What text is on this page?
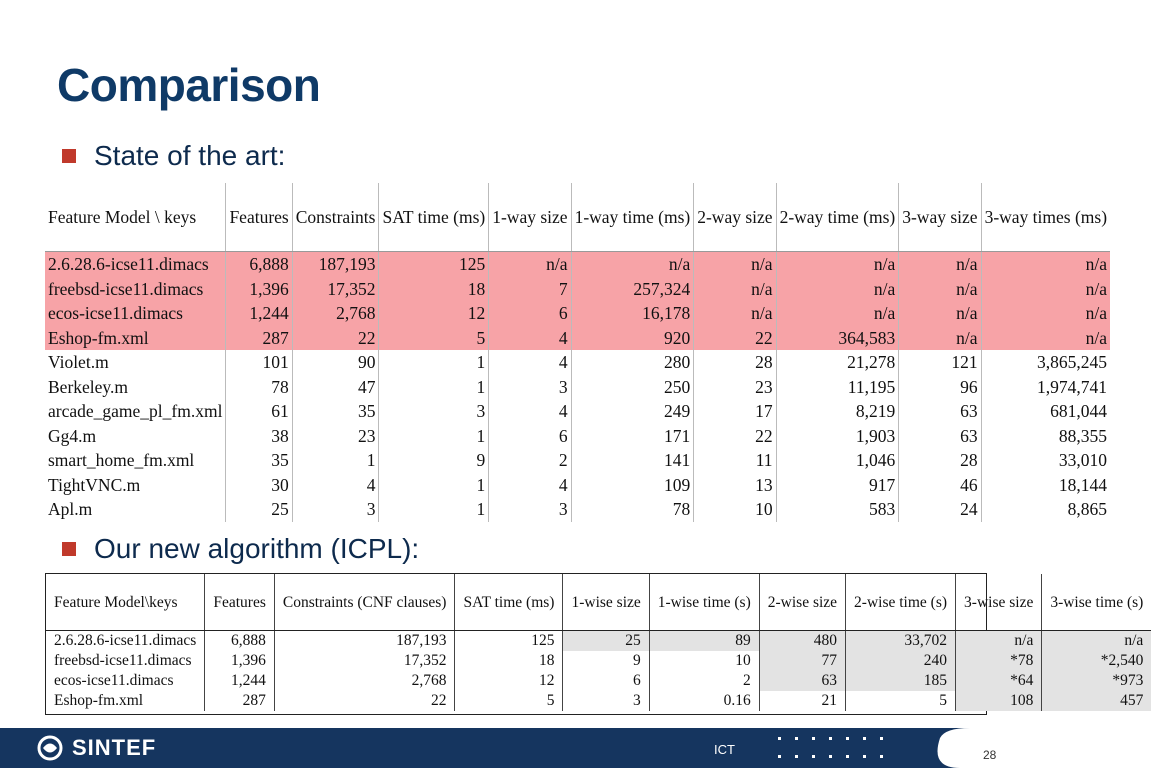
Comparison
State of the art:
Feature Model \ keys	Features	Constraints	SAT time (ms)	1-way size	1-way time (ms)	2-way size	2-way time (ms)	3-way size	3-way times (ms)
2.6.28.6-icse11.dimacs	6,888	187,193	125	n/a	n/a	n/a	n/a	n/a	n/a
freebsd-icse11.dimacs	1,396	17,352	18	7	257,324	n/a	n/a	n/a	n/a
ecos-icse11.dimacs	1,244	2,768	12	6	16,178	n/a	n/a	n/a	n/a
Eshop-fm.xml	287	22	5	4	920	22	364,583	n/a	n/a
Violet.m	101	90	1	4	280	28	21,278	121	3,865,245
Berkeley.m	78	47	1	3	250	23	11,195	96	1,974,741
arcade_game_pl_fm.xml	61	35	3	4	249	17	8,219	63	681,044
Gg4.m	38	23	1	6	171	22	1,903	63	88,355
smart_home_fm.xml	35	1	9	2	141	11	1,046	28	33,010
TightVNC.m	30	4	1	4	109	13	917	46	18,144
Apl.m	25	3	1	3	78	10	583	24	8,865
Our new algorithm (ICPL):
Feature Model\keys	Features	Constraints (CNF clauses)	SAT time (ms)	1-wise size	1-wise time (s)	2-wise size	2-wise time (s)	3-wise size	3-wise time (s)
2.6.28.6-icse11.dimacs	6,888	187,193	125	25	89	480	33,702	n/a	n/a
freebsd-icse11.dimacs	1,396	17,352	18	9	10	77	240	*78	*2,540
ecos-icse11.dimacs	1,244	2,768	12	6	2	63	185	*64	*973
Eshop-fm.xml	287	22	5	3	0.16	21	5	108	457
SINTEF	ICT	28
